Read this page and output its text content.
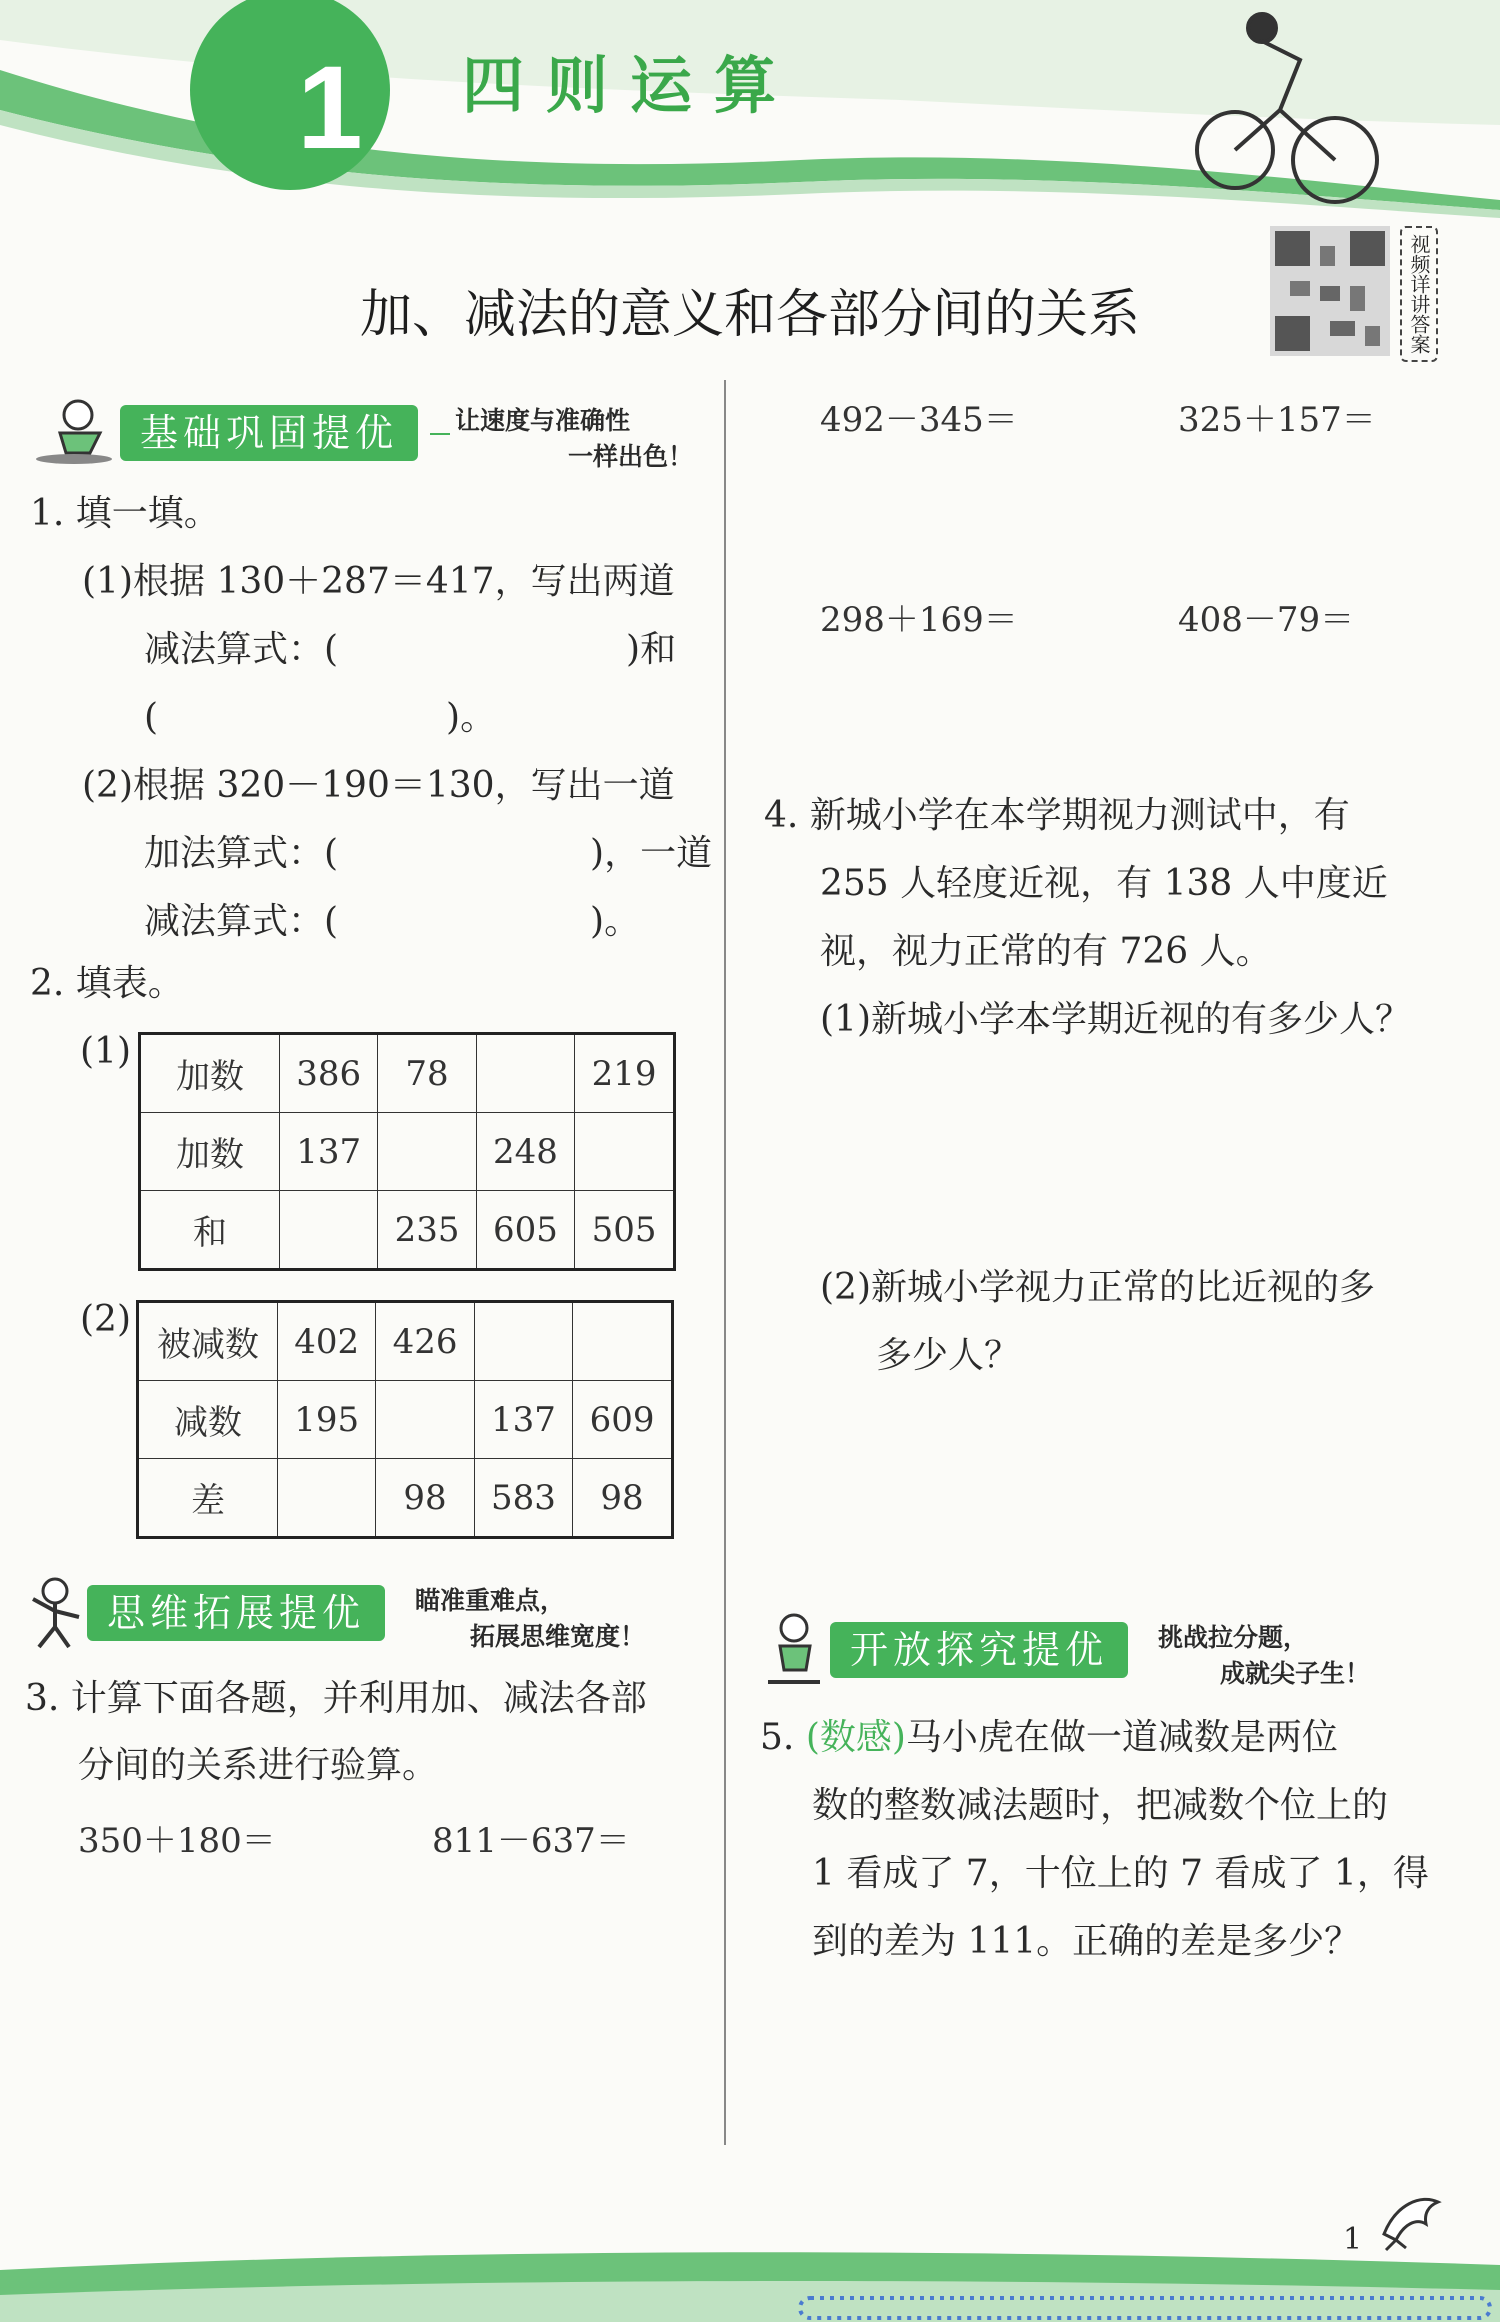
1	四则运算
加、减法的意义和各部分间的关系	视频详讲答案
基础巩固提优	让速度与准确性
一样出色！
1. 填一填。
(1)根据 130＋287＝417，写出两道
减法算式：(　　　　　　　　)和
(　　　　　　　　)。
(2)根据 320－190＝130，写出一道
加法算式：(　　　　　　　)，一道
减法算式：(　　　　　　　)。
2. 填表。
(1)
加数	386	78		219
加数	137		248	
和		235	605	505
(2)
被减数	402	426		
减数	195		137	609
差		98	583	98
思维拓展提优	瞄准重难点，
拓展思维宽度！
3. 计算下面各题，并利用加、减法各部
分间的关系进行验算。
350＋180＝	811－637＝
492－345＝	325＋157＝
298＋169＝	408－79＝
4. 新城小学在本学期视力测试中，有
255 人轻度近视，有 138 人中度近
视，视力正常的有 726 人。
(1)新城小学本学期近视的有多少人？
(2)新城小学视力正常的比近视的多
多少人？
开放探究提优	挑战拉分题，
成就尖子生！
5. (数感)马小虎在做一道减数是两位
数的整数减法题时，把减数个位上的
1 看成了 7，十位上的 7 看成了 1，得
到的差为 111。正确的差是多少？
1
